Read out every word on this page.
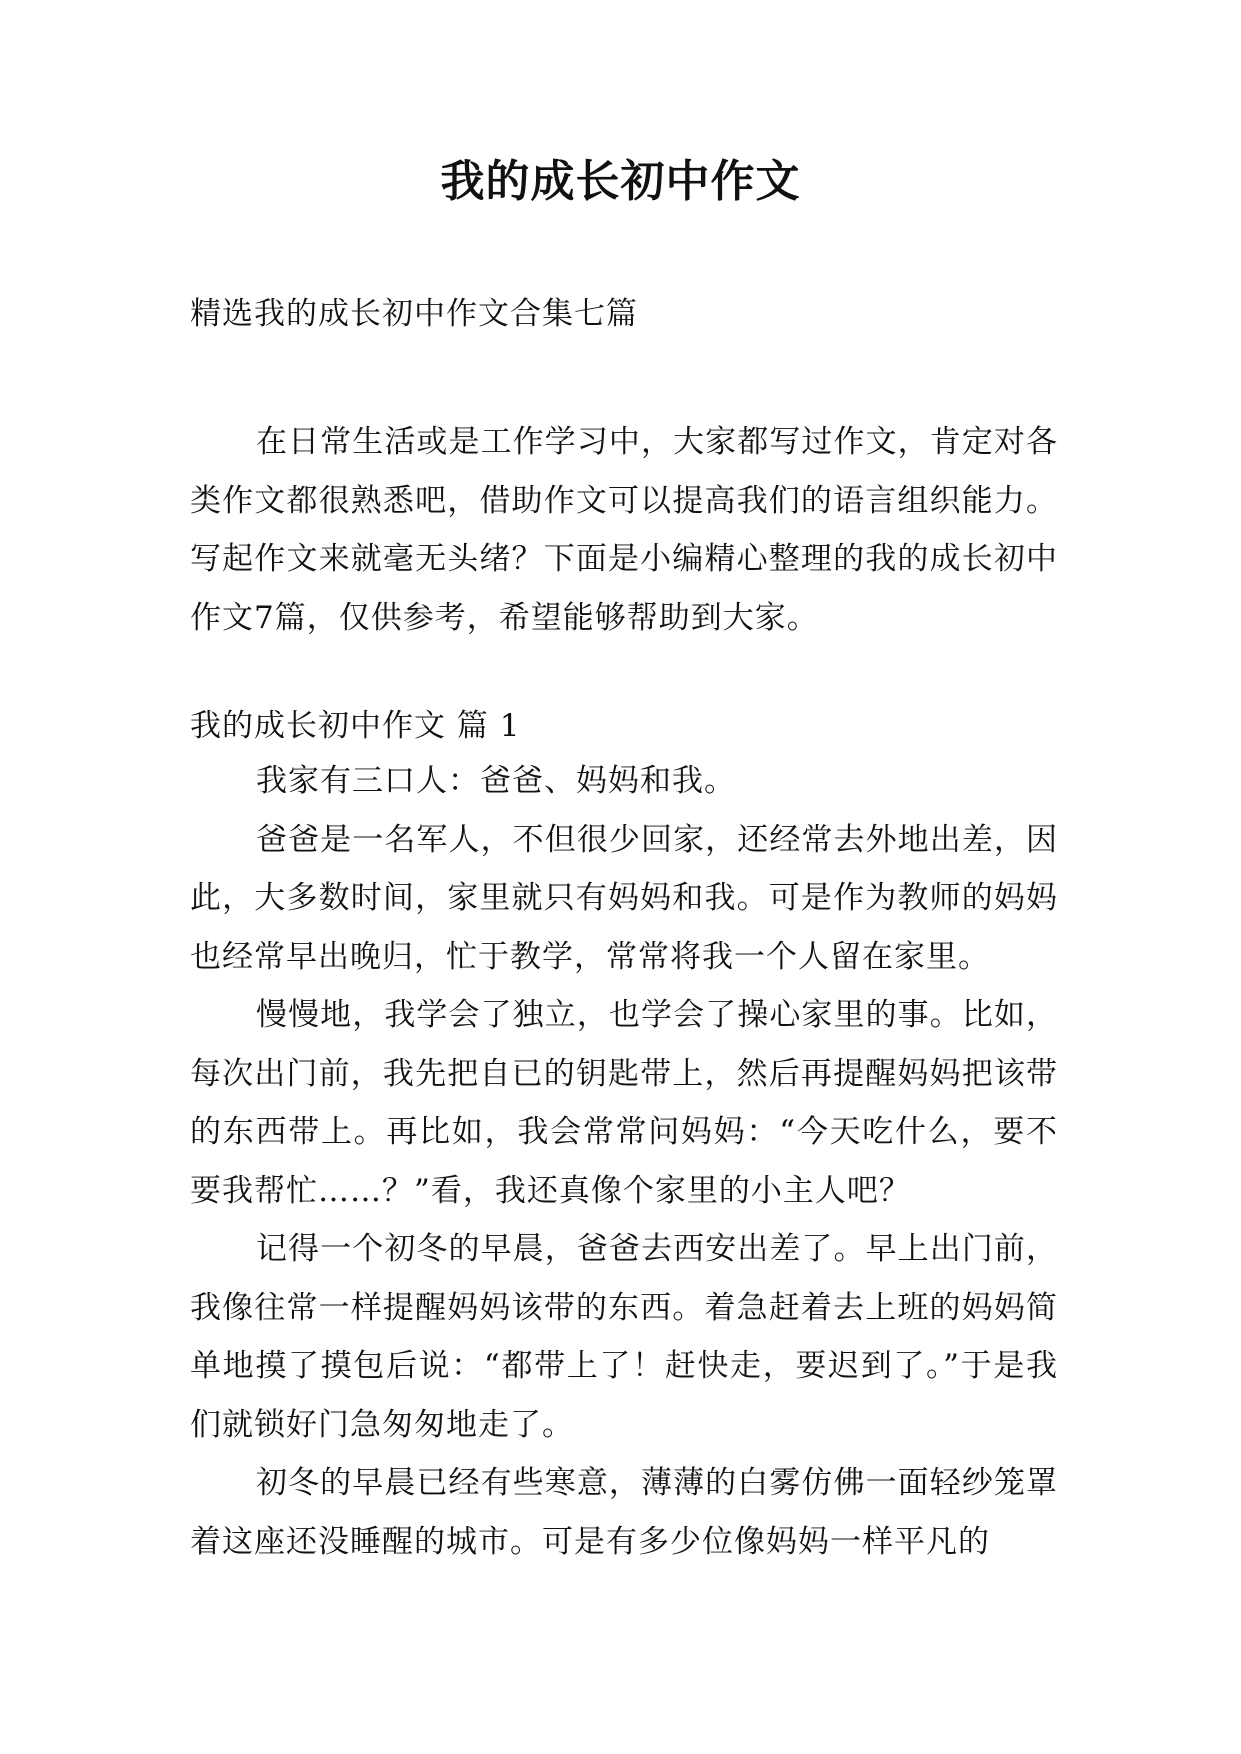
我的成长初中作文

精选我的成长初中作文合集七篇

在日常生活或是工作学习中，大家都写过作文，肯定对各类作文都很熟悉吧，借助作文可以提高我们的语言组织能力。写起作文来就毫无头绪？下面是小编精心整理的我的成长初中作文7篇，仅供参考，希望能够帮助到大家。

我的成长初中作文 篇 1

我家有三口人：爸爸、妈妈和我。

爸爸是一名军人，不但很少回家，还经常去外地出差，因此，大多数时间，家里就只有妈妈和我。可是作为教师的妈妈也经常早出晚归，忙于教学，常常将我一个人留在家里。

慢慢地，我学会了独立，也学会了操心家里的事。比如，每次出门前，我先把自已的钥匙带上，然后再提醒妈妈把该带的东西带上。再比如，我会常常问妈妈：“今天吃什么，要不要我帮忙……？”看，我还真像个家里的小主人吧？

记得一个初冬的早晨，爸爸去西安出差了。早上出门前，我像往常一样提醒妈妈该带的东西。着急赶着去上班的妈妈简单地摸了摸包后说：“都带上了！赶快走，要迟到了。”于是我们就锁好门急匆匆地走了。

初冬的早晨已经有些寒意，薄薄的白雾仿佛一面轻纱笼罩着这座还没睡醒的城市。可是有多少位像妈妈一样平凡的
